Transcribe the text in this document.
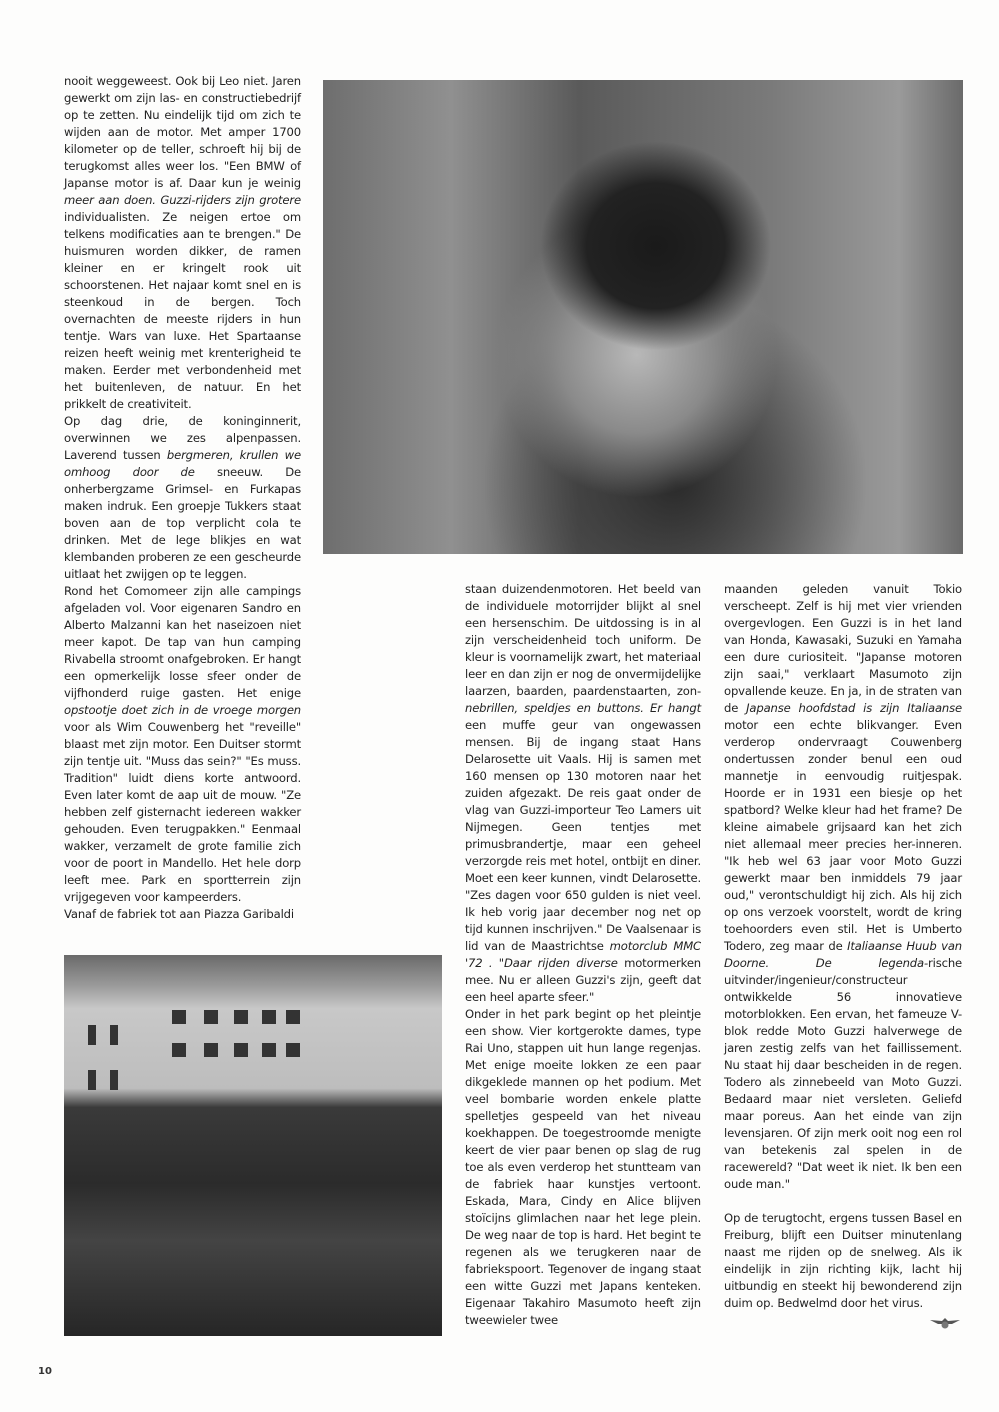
nooit weggeweest. Ook bij Leo niet. Jaren gewerkt om zijn las- en constructiebedrijf op te zetten. Nu eindelijk tijd om zich te wijden aan de motor. Met amper 1700 kilometer op de teller, schroeft hij bij de terugkomst alles weer los. "Een BMW of Japanse motor is af. Daar kun je weinig meer aan doen. Guzzi-rijders zijn grotere individualisten. Ze neigen ertoe om telkens modificaties aan te brengen." De huismuren worden dikker, de ramen kleiner en er kringelt rook uit schoorstenen. Het najaar komt snel en is steenkoud in de bergen. Toch overnachten de meeste rijders in hun tentje. Wars van luxe. Het Spartaanse reizen heeft weinig met krenterigheid te maken. Eerder met verbondenheid met het buitenleven, de natuur. En het prikkelt de creativiteit.

Op dag drie, de koninginnerit, overwinnen we zes alpenpassen. Laverend tussen bergmeren, krullen we omhoog door de sneeuw. De onherbergzame Grimsel- en Furkapas maken indruk. Een groepje Tukkers staat boven aan de top verplicht cola te drinken. Met de lege blikjes en wat klembanden proberen ze een gescheurde uitlaat het zwijgen op te leggen.

Rond het Comomeer zijn alle campings afgeladen vol. Voor eigenaren Sandro en Alberto Malzanni kan het naseizoen niet meer kapot. De tap van hun camping Rivabella stroomt onafgebroken. Er hangt een opmerkelijk losse sfeer onder de vijfhonderd ruige gasten. Het enige opstootje doet zich in de vroege morgen voor als Wim Couwenberg het "reveille" blaast met zijn motor. Een Duitser stormt zijn tentje uit. "Muss das sein?" "Es muss. Tradition" luidt diens korte antwoord. Even later komt de aap uit de mouw. "Ze hebben zelf gisternacht iedereen wakker gehouden. Even terugpakken." Eenmaal wakker, verzamelt de grote familie zich voor de poort in Mandello. Het hele dorp leeft mee. Park en sportterrein zijn vrijgegeven voor kampeerders.

Vanaf de fabriek tot aan Piazza Garibaldi

staan duizendenmotoren. Het beeld van de individuele motorrijder blijkt al snel een hersenschim. De uitdossing is in al zijn verscheidenheid toch uniform. De kleur is voornamelijk zwart, het materiaal leer en dan zijn er nog de onvermijdelijke laarzen, baarden, paardenstaarten, zon-nebrillen, speldjes en buttons. Er hangt een muffe geur van ongewassen mensen. Bij de ingang staat Hans Delarosette uit Vaals. Hij is samen met 160 mensen op 130 motoren naar het zuiden afgezakt. De reis gaat onder de vlag van Guzzi-importeur Teo Lamers uit Nijmegen. Geen tentjes met primusbrandertje, maar een geheel verzorgde reis met hotel, ontbijt en diner. Moet een keer kunnen, vindt Delarosette. "Zes dagen voor 650 gulden is niet veel. Ik heb vorig jaar december nog net op tijd kunnen inschrijven." De Vaalsenaar is lid van de Maastrichtse motorclub MMC '72 . "Daar rijden diverse motormerken mee. Nu er alleen Guzzi's zijn, geeft dat een heel aparte sfeer."

Onder in het park begint op het pleintje een show. Vier kortgerokte dames, type Rai Uno, stappen uit hun lange regenjas. Met enige moeite lokken ze een paar dikgeklede mannen op het podium. Met veel bombarie worden enkele platte spelletjes gespeeld van het niveau koekhappen. De toegestroomde menigte keert de vier paar benen op slag de rug toe als even verderop het stuntteam van de fabriek haar kunstjes vertoont. Eskada, Mara, Cindy en Alice blijven stoïcijns glimlachen naar het lege plein. De weg naar de top is hard. Het begint te regenen als we terugkeren naar de fabriekspoort. Tegenover de ingang staat een witte Guzzi met Japans kenteken. Eigenaar Takahiro Masumoto heeft zijn tweewieler twee

maanden geleden vanuit Tokio verscheept. Zelf is hij met vier vrienden overgevlogen. Een Guzzi is in het land van Honda, Kawasaki, Suzuki en Yamaha een dure curiositeit. "Japanse motoren zijn saai," verklaart Masumoto zijn opvallende keuze. En ja, in de straten van de Japanse hoofdstad is zijn Italiaanse motor een echte blikvanger. Even verderop ondervraagt Couwenberg ondertussen zonder benul een oud mannetje in eenvoudig ruitjespak. Hoorde er in 1931 een biesje op het spatbord? Welke kleur had het frame? De kleine aimabele grijsaard kan het zich niet allemaal meer precies her-inneren. "Ik heb wel 63 jaar voor Moto Guzzi gewerkt maar ben inmiddels 79 jaar oud," verontschuldigt hij zich. Als hij zich op ons verzoek voorstelt, wordt de kring toehoorders even stil. Het is Umberto Todero, zeg maar de Italiaanse Huub van Doorne. De legenda-rische uitvinder/ingenieur/constructeur ontwikkelde 56 innovatieve motorblokken. Een ervan, het fameuze V-blok redde Moto Guzzi halverwege de jaren zestig zelfs van het faillissement. Nu staat hij daar bescheiden in de regen. Todero als zinnebeeld van Moto Guzzi. Bedaard maar niet versleten. Geliefd maar poreus. Aan het einde van zijn levensjaren. Of zijn merk ooit nog een rol van betekenis zal spelen in de racewereld? "Dat weet ik niet. Ik ben een oude man."

Op de terugtocht, ergens tussen Basel en Freiburg, blijft een Duitser minutenlang naast me rijden op de snelweg. Als ik eindelijk in zijn richting kijk, lacht hij uitbundig en steekt hij bewonderend zijn duim op. Bedwelmd door het virus.

10
